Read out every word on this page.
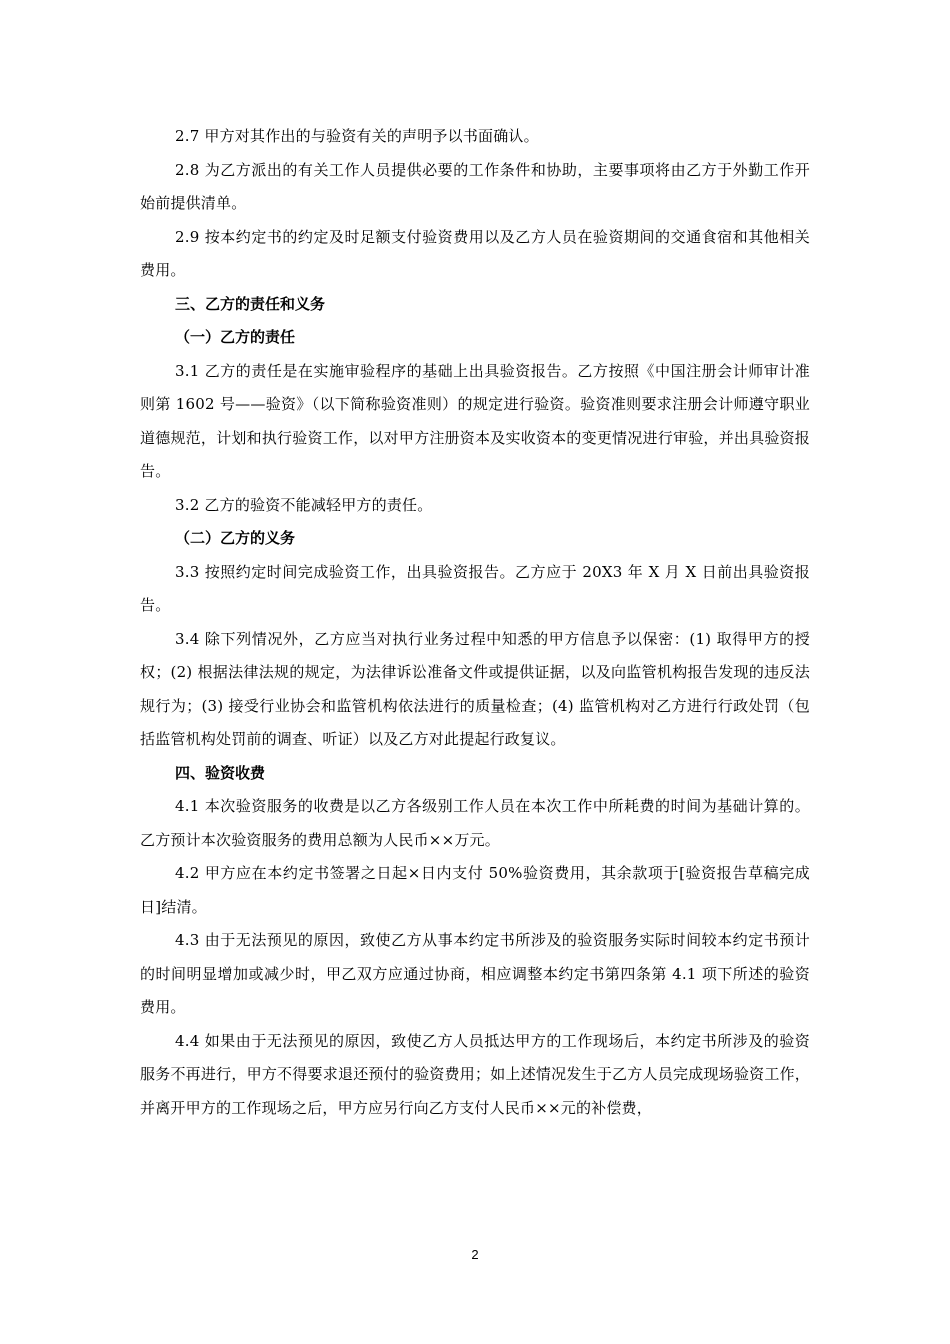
2.7 甲方对其作出的与验资有关的声明予以书面确认。

2.8 为乙方派出的有关工作人员提供必要的工作条件和协助，主要事项将由乙方于外勤工作开始前提供清单。

2.9 按本约定书的约定及时足额支付验资费用以及乙方人员在验资期间的交通食宿和其他相关费用。

三、乙方的责任和义务

（一）乙方的责任

3.1 乙方的责任是在实施审验程序的基础上出具验资报告。乙方按照《中国注册会计师审计准则第 1602 号——验资》（以下简称验资准则）的规定进行验资。验资准则要求注册会计师遵守职业道德规范，计划和执行验资工作，以对甲方注册资本及实收资本的变更情况进行审验，并出具验资报告。

3.2 乙方的验资不能减轻甲方的责任。

（二）乙方的义务

3.3 按照约定时间完成验资工作，出具验资报告。乙方应于 20X3 年 X 月 X 日前出具验资报告。

3.4 除下列情况外，乙方应当对执行业务过程中知悉的甲方信息予以保密：(1) 取得甲方的授权；(2) 根据法律法规的规定，为法律诉讼准备文件或提供证据，以及向监管机构报告发现的违反法规行为；(3) 接受行业协会和监管机构依法进行的质量检查；(4) 监管机构对乙方进行行政处罚（包括监管机构处罚前的调查、听证）以及乙方对此提起行政复议。

四、验资收费

4.1 本次验资服务的收费是以乙方各级别工作人员在本次工作中所耗费的时间为基础计算的。乙方预计本次验资服务的费用总额为人民币××万元。

4.2 甲方应在本约定书签署之日起×日内支付 50%验资费用，其余款项于[验资报告草稿完成日]结清。

4.3 由于无法预见的原因，致使乙方从事本约定书所涉及的验资服务实际时间较本约定书预计的时间明显增加或减少时，甲乙双方应通过协商，相应调整本约定书第四条第 4.1 项下所述的验资费用。

4.4 如果由于无法预见的原因，致使乙方人员抵达甲方的工作现场后，本约定书所涉及的验资服务不再进行，甲方不得要求退还预付的验资费用；如上述情况发生于乙方人员完成现场验资工作，并离开甲方的工作现场之后，甲方应另行向乙方支付人民币××元的补偿费，

2
